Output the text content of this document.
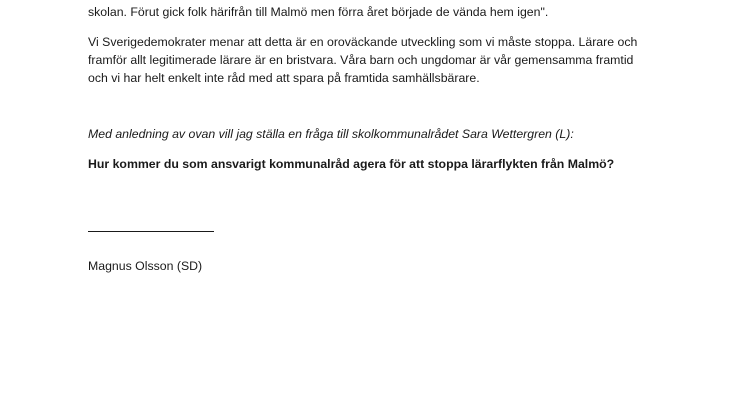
skolan. Förut gick folk härifrån till Malmö men förra året började de vända hem igen".

Vi Sverigedemokrater menar att detta är en oroväckande utveckling som vi måste stoppa. Lärare och
framför allt legitimerade lärare är en bristvara. Våra barn och ungdomar är vår gemensamma framtid
och vi har helt enkelt inte råd med att spara på framtida samhällsbärare.

Med anledning av ovan vill jag ställa en fråga till skolkommunalrådet Sara Wettergren (L):

Hur kommer du som ansvarigt kommunalråd agera för att stoppa lärarflykten från Malmö?

Magnus Olsson (SD)
